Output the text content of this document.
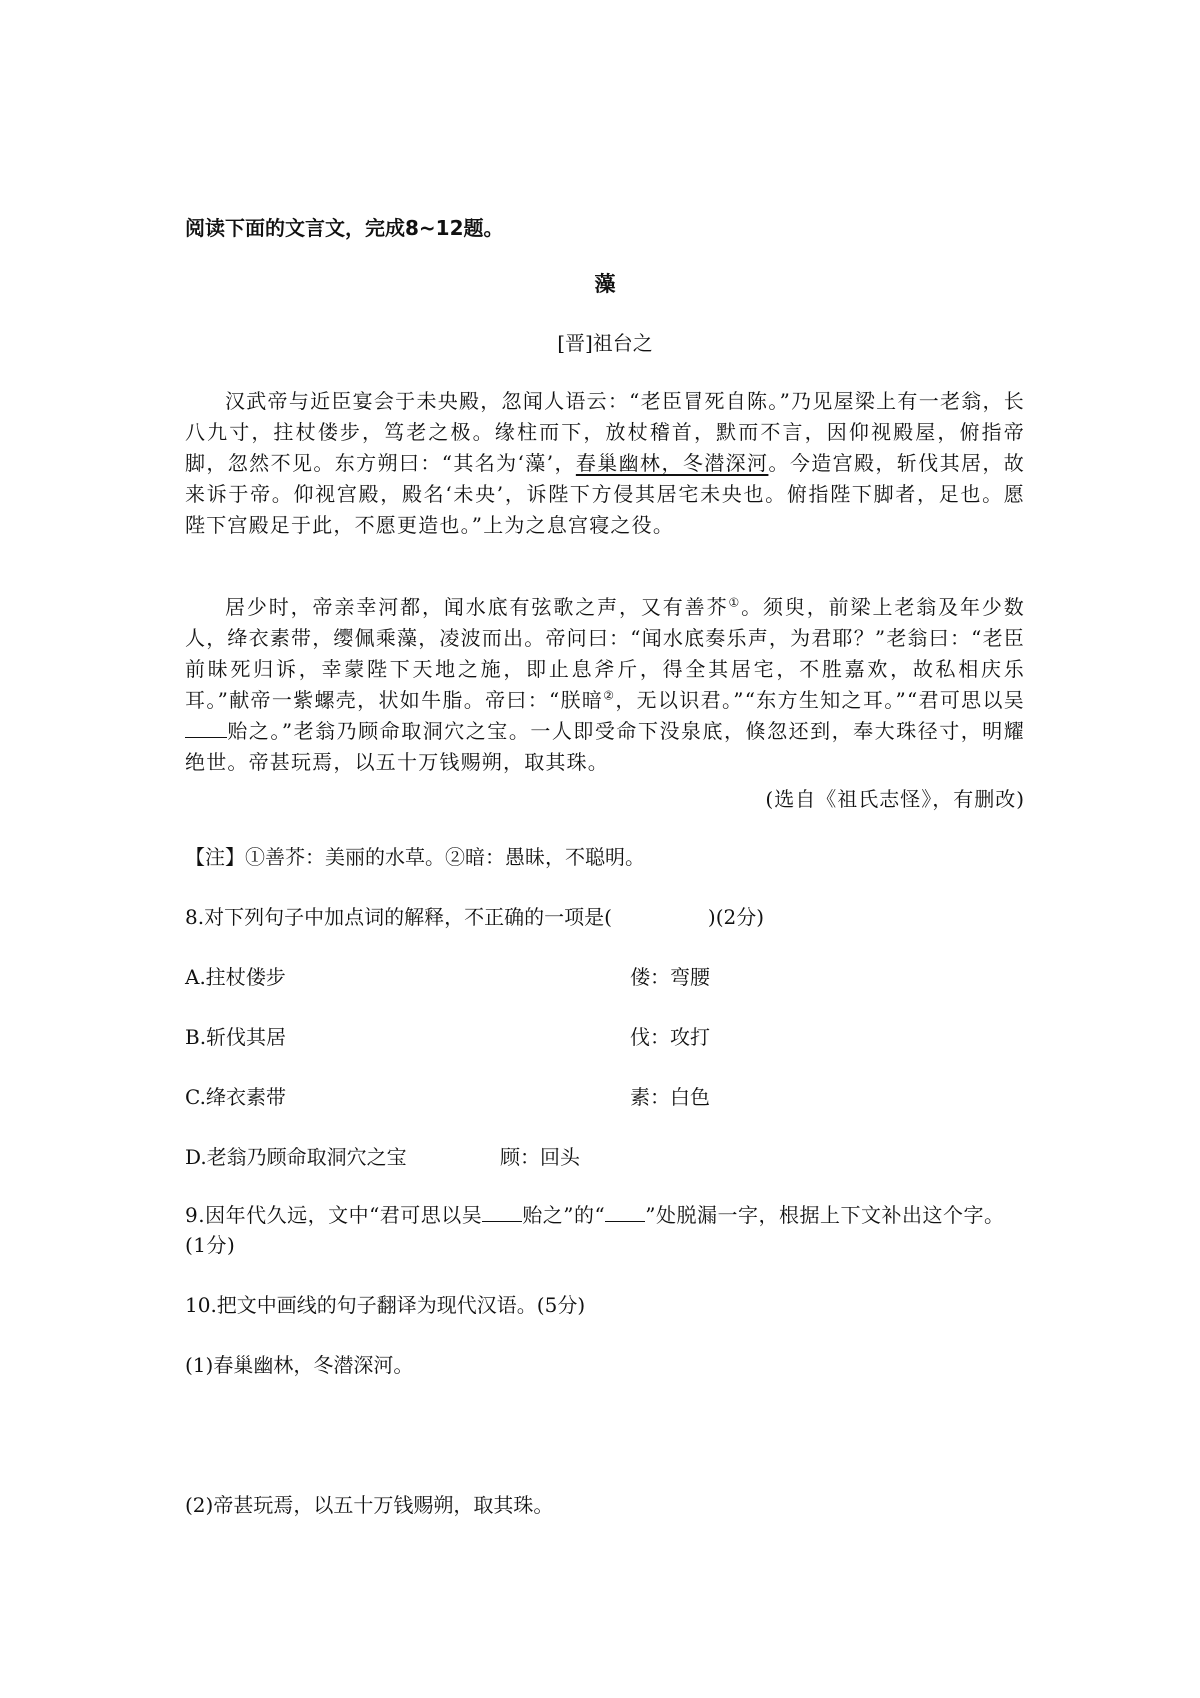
阅读下面的文言文，完成8~12题。
藻
[晋]祖台之
汉武帝与近臣宴会于未央殿，忽闻人语云：“老臣冒死自陈。”乃见屋梁上有一老翁，长八九寸，拄杖偻步，笃老之极。缘柱而下，放杖稽首，默而不言，因仰视殿屋，俯指帝脚，忽然不见。东方朔曰：“其名为‘藻’，春巢幽林，冬潜深河。今造宫殿，斩伐其居，故来诉于帝。仰视宫殿，殿名‘未央’，诉陛下方侵其居宅未央也。俯指陛下脚者，足也。愿陛下宫殿足于此，不愿更造也。”上为之息宫寝之役。
居少时，帝亲幸河都，闻水底有弦歌之声，又有善芥①。须臾，前梁上老翁及年少数人，绛衣素带，缨佩乘藻，凌波而出。帝问曰：“闻水底奏乐声，为君耶？”老翁曰：“老臣前昧死归诉，幸蒙陛下天地之施，即止息斧斤，得全其居宅，不胜嘉欢，故私相庆乐耳。”献帝一紫螺壳，状如牛脂。帝曰：“朕暗②，无以识君。”“东方生知之耳。”“君可思以吴贻之。”老翁乃顾命取洞穴之宝。一人即受命下没泉底，倏忽还到，奉大珠径寸，明耀绝世。帝甚玩焉，以五十万钱赐朔，取其珠。
(选自《祖氏志怪》，有删改)
【注】①善芥：美丽的水草。②暗：愚昧，不聪明。
8.对下列句子中加点词的解释，不正确的一项是(	)(2分)
A.拄杖偻步	偻：弯腰
B.斩伐其居	伐：攻打
C.绛衣素带	素：白色
D.老翁乃顾命取洞穴之宝	顾：回头
9.因年代久远，文中“君可思以吴 贻之”的“ ”处脱漏一字，根据上下文补出这个字。(1分)
10.把文中画线的句子翻译为现代汉语。(5分)
(1)春巢幽林，冬潜深河。
(2)帝甚玩焉，以五十万钱赐朔，取其珠。
